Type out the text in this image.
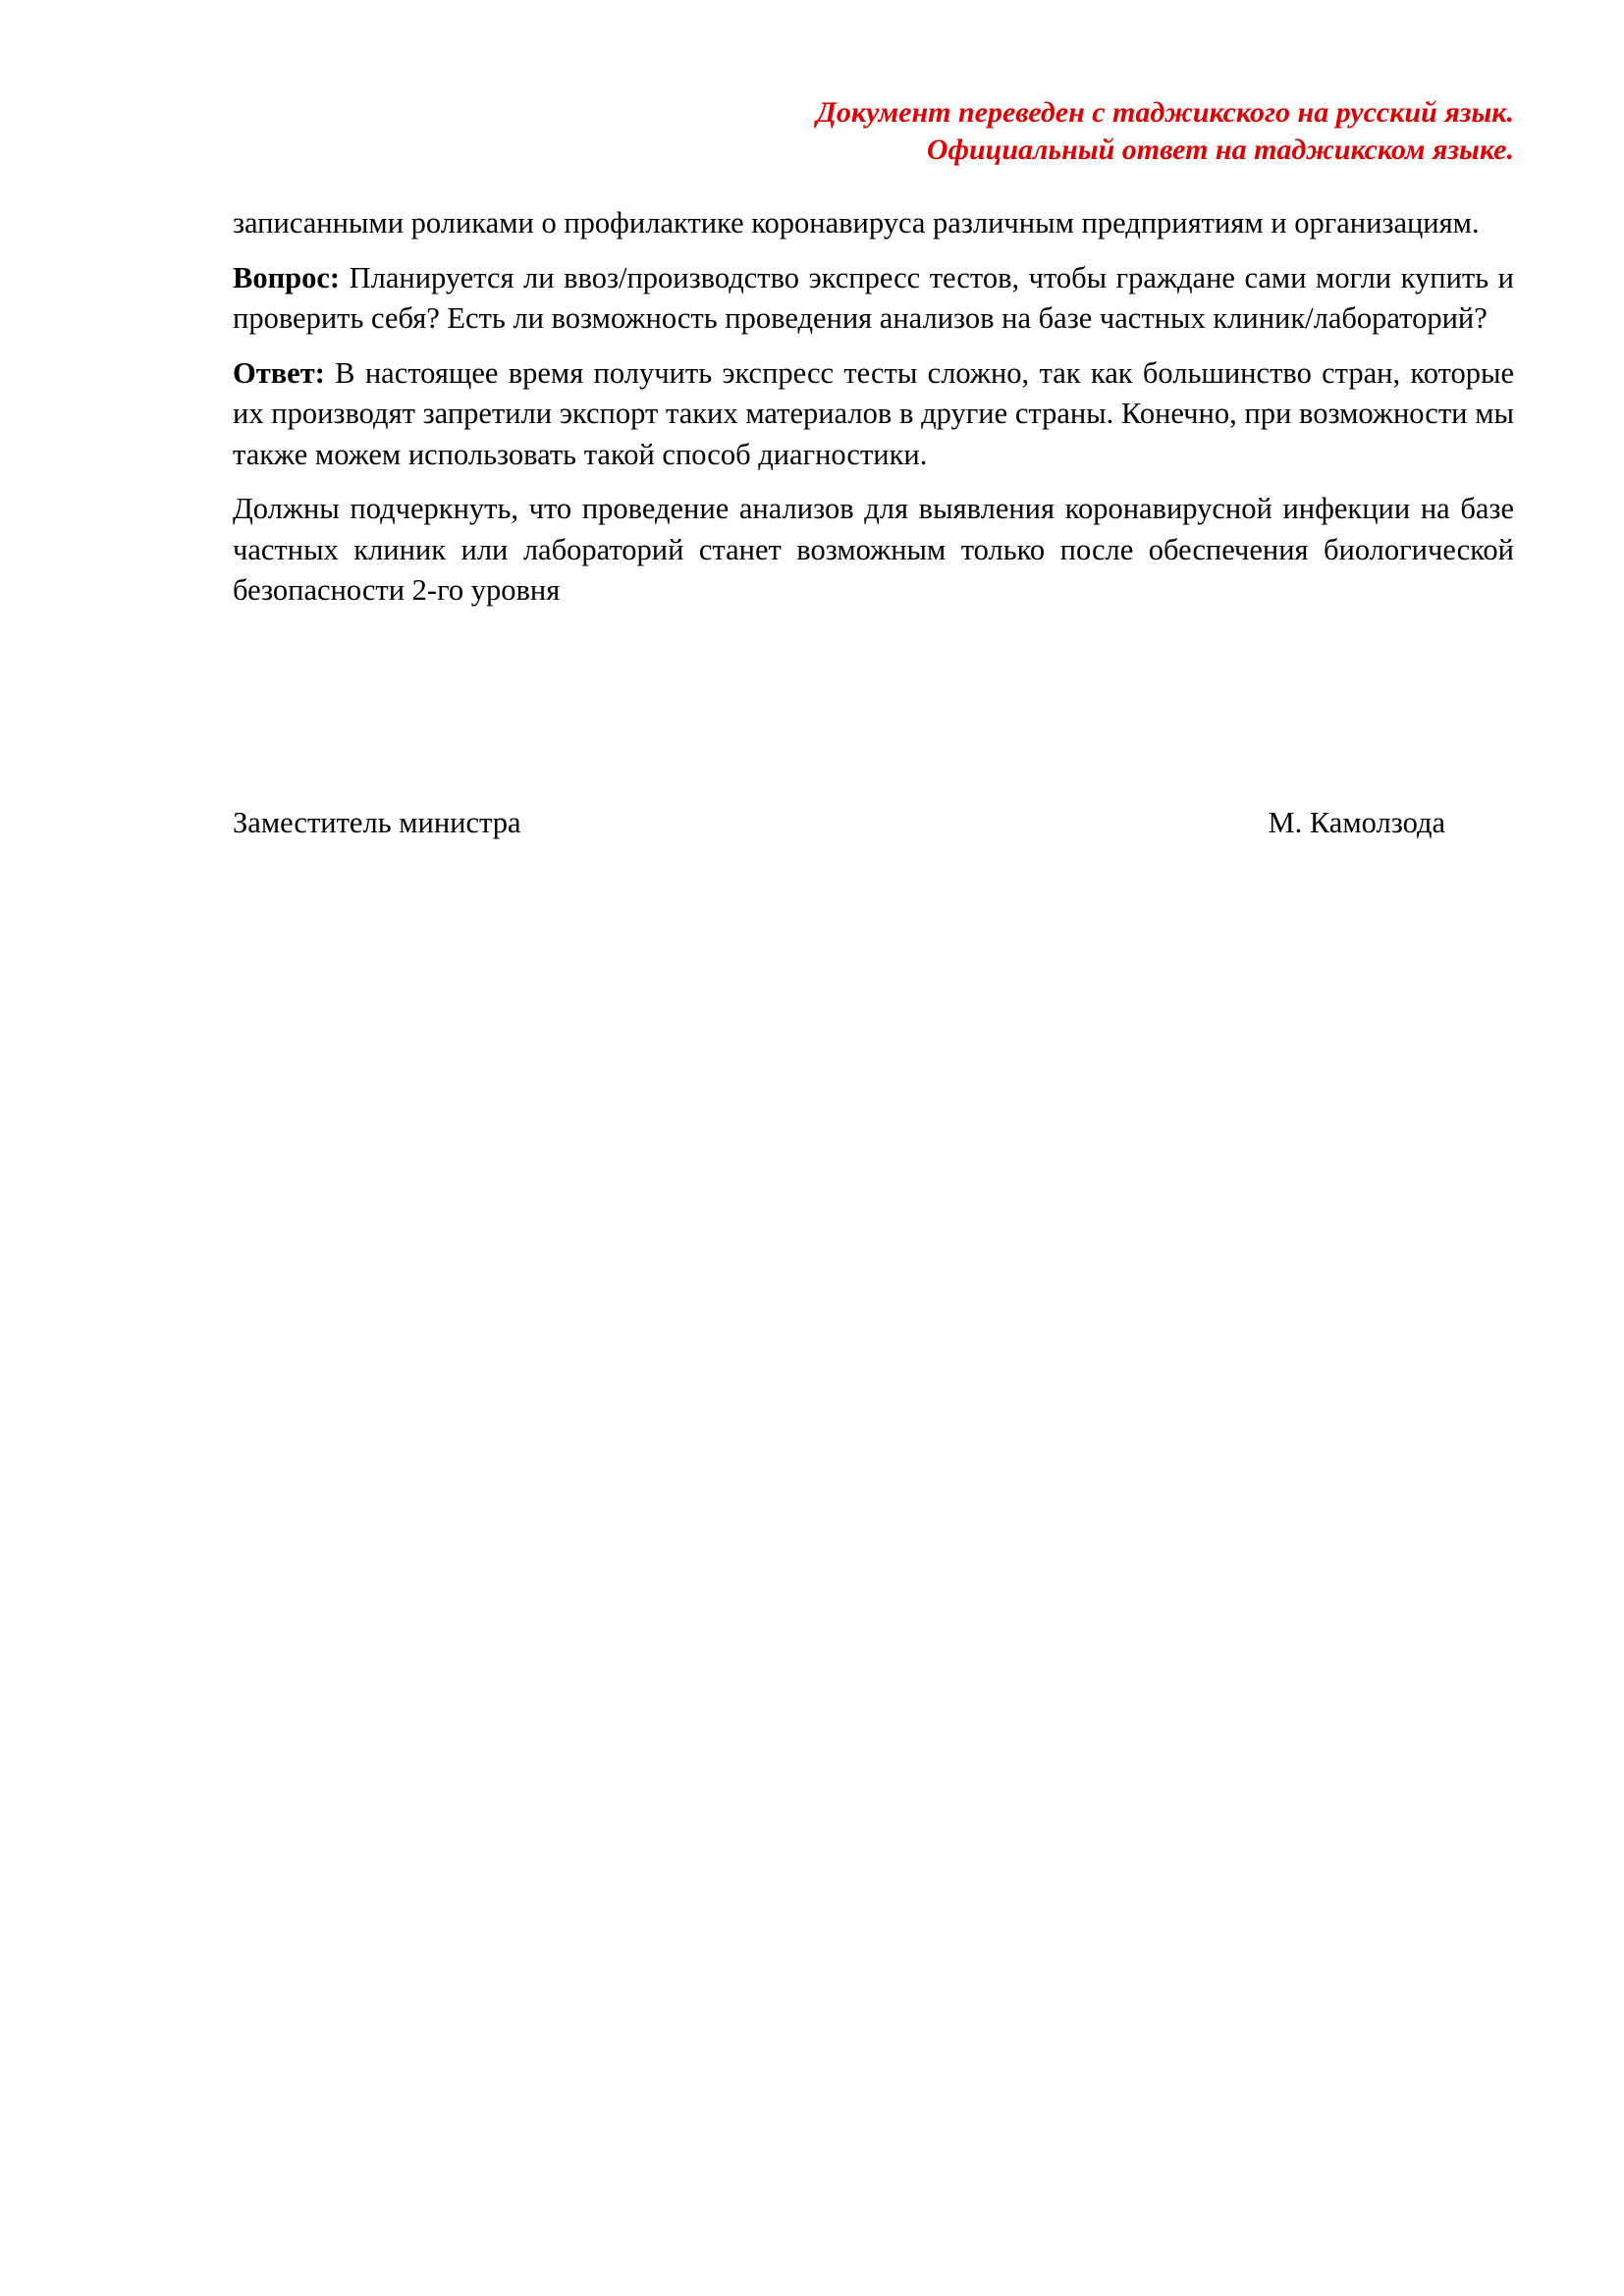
Документ переведен с таджикского на русский язык.
Официальный ответ на таджикском языке.

записанными роликами о профилактике коронавируса различным предприятиям и организациям.

Вопрос: Планируется ли ввоз/производство экспресс тестов, чтобы граждане сами могли купить и проверить себя? Есть ли возможность проведения анализов на базе частных клиник/лабораторий?

Ответ: В настоящее время получить экспресс тесты сложно, так как большинство стран, которые их производят запретили экспорт таких материалов в другие страны. Конечно, при возможности мы также можем использовать такой способ диагностики.

Должны подчеркнуть, что проведение анализов для выявления коронавирусной инфекции на базе частных клиник или лабораторий станет возможным только после обеспечения биологической безопасности 2-го уровня

Заместитель министра	М. Камолзода
